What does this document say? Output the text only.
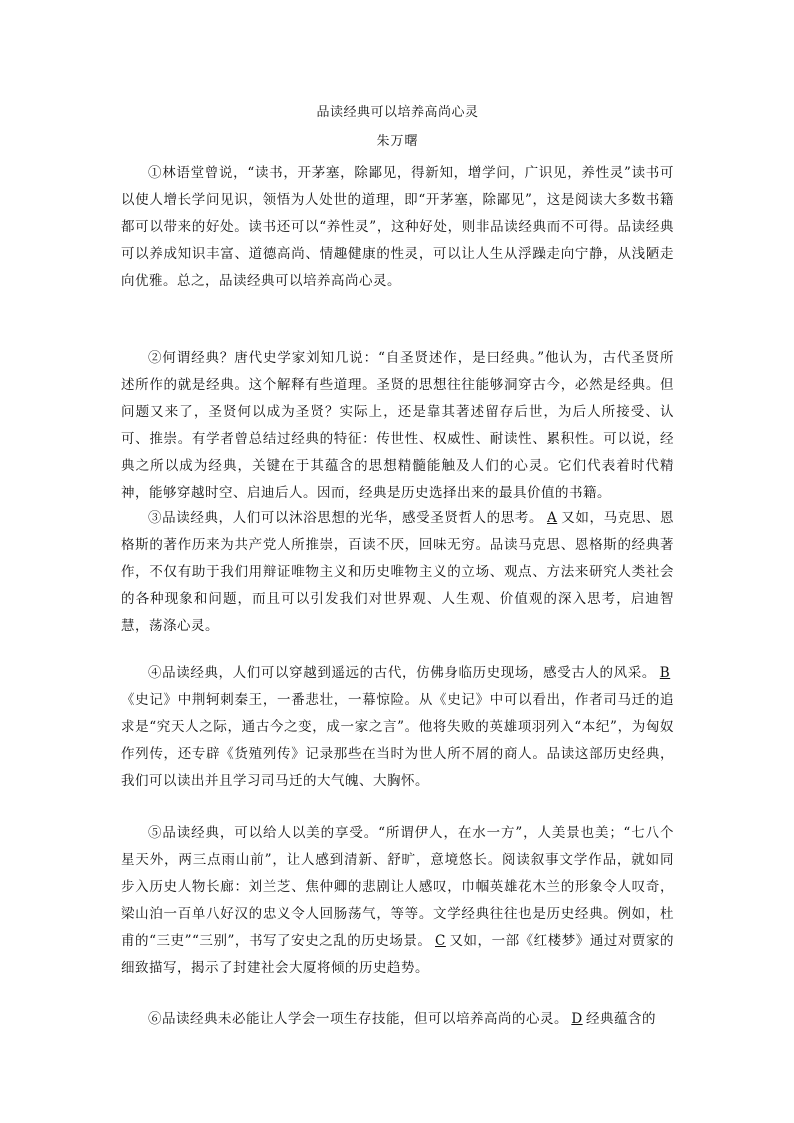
品读经典可以培养高尚心灵
朱万曙

①林语堂曾说，“读书，开茅塞，除鄙见，得新知，增学问，广识见，养性灵”读书可以使人增长学问见识，领悟为人处世的道理，即“开茅塞，除鄙见”，这是阅读大多数书籍都可以带来的好处。读书还可以“养性灵”，这种好处，则非品读经典而不可得。品读经典可以养成知识丰富、道德高尚、情趣健康的性灵，可以让人生从浮躁走向宁静，从浅陋走向优雅。总之，品读经典可以培养高尚心灵。

②何谓经典？唐代史学家刘知几说：“自圣贤述作，是曰经典。”他认为，古代圣贤所述所作的就是经典。这个解释有些道理。圣贤的思想往往能够洞穿古今，必然是经典。但问题又来了，圣贤何以成为圣贤？实际上，还是靠其著述留存后世，为后人所接受、认可、推崇。有学者曾总结过经典的特征：传世性、权威性、耐读性、累积性。可以说，经典之所以成为经典，关键在于其蕴含的思想精髓能触及人们的心灵。它们代表着时代精神，能够穿越时空、启迪后人。因而，经典是历史选择出来的最具价值的书籍。

③品读经典，人们可以沐浴思想的光华，感受圣贤哲人的思考。 A 又如，马克思、恩格斯的著作历来为共产党人所推崇，百读不厌，回味无穷。品读马克思、恩格斯的经典著作，不仅有助于我们用辩证唯物主义和历史唯物主义的立场、观点、方法来研究人类社会的各种现象和问题，而且可以引发我们对世界观、人生观、价值观的深入思考，启迪智慧，荡涤心灵。

④品读经典，人们可以穿越到遥远的古代，仿佛身临历史现场，感受古人的风采。 B《史记》中荆轲刺秦王，一番悲壮，一幕惊险。从《史记》中可以看出，作者司马迁的追求是“究天人之际，通古今之变，成一家之言”。他将失败的英雄项羽列入“本纪”，为匈奴作列传，还专辟《货殖列传》记录那些在当时为世人所不屑的商人。品读这部历史经典，我们可以读出并且学习司马迁的大气魄、大胸怀。

⑤品读经典，可以给人以美的享受。“所谓伊人，在水一方”，人美景也美；“七八个星天外，两三点雨山前”，让人感到清新、舒旷，意境悠长。阅读叙事文学作品，就如同步入历史人物长廊：刘兰芝、焦仲卿的悲剧让人感叹，巾帼英雄花木兰的形象令人叹奇，梁山泊一百单八好汉的忠义令人回肠荡气，等等。文学经典往往也是历史经典。例如，杜甫的“三吏”“三别”，书写了安史之乱的历史场景。 C 又如，一部《红楼梦》通过对贾家的细致描写，揭示了封建社会大厦将倾的历史趋势。

⑥品读经典未必能让人学会一项生存技能，但可以培养高尚的心灵。 D 经典蕴含的
